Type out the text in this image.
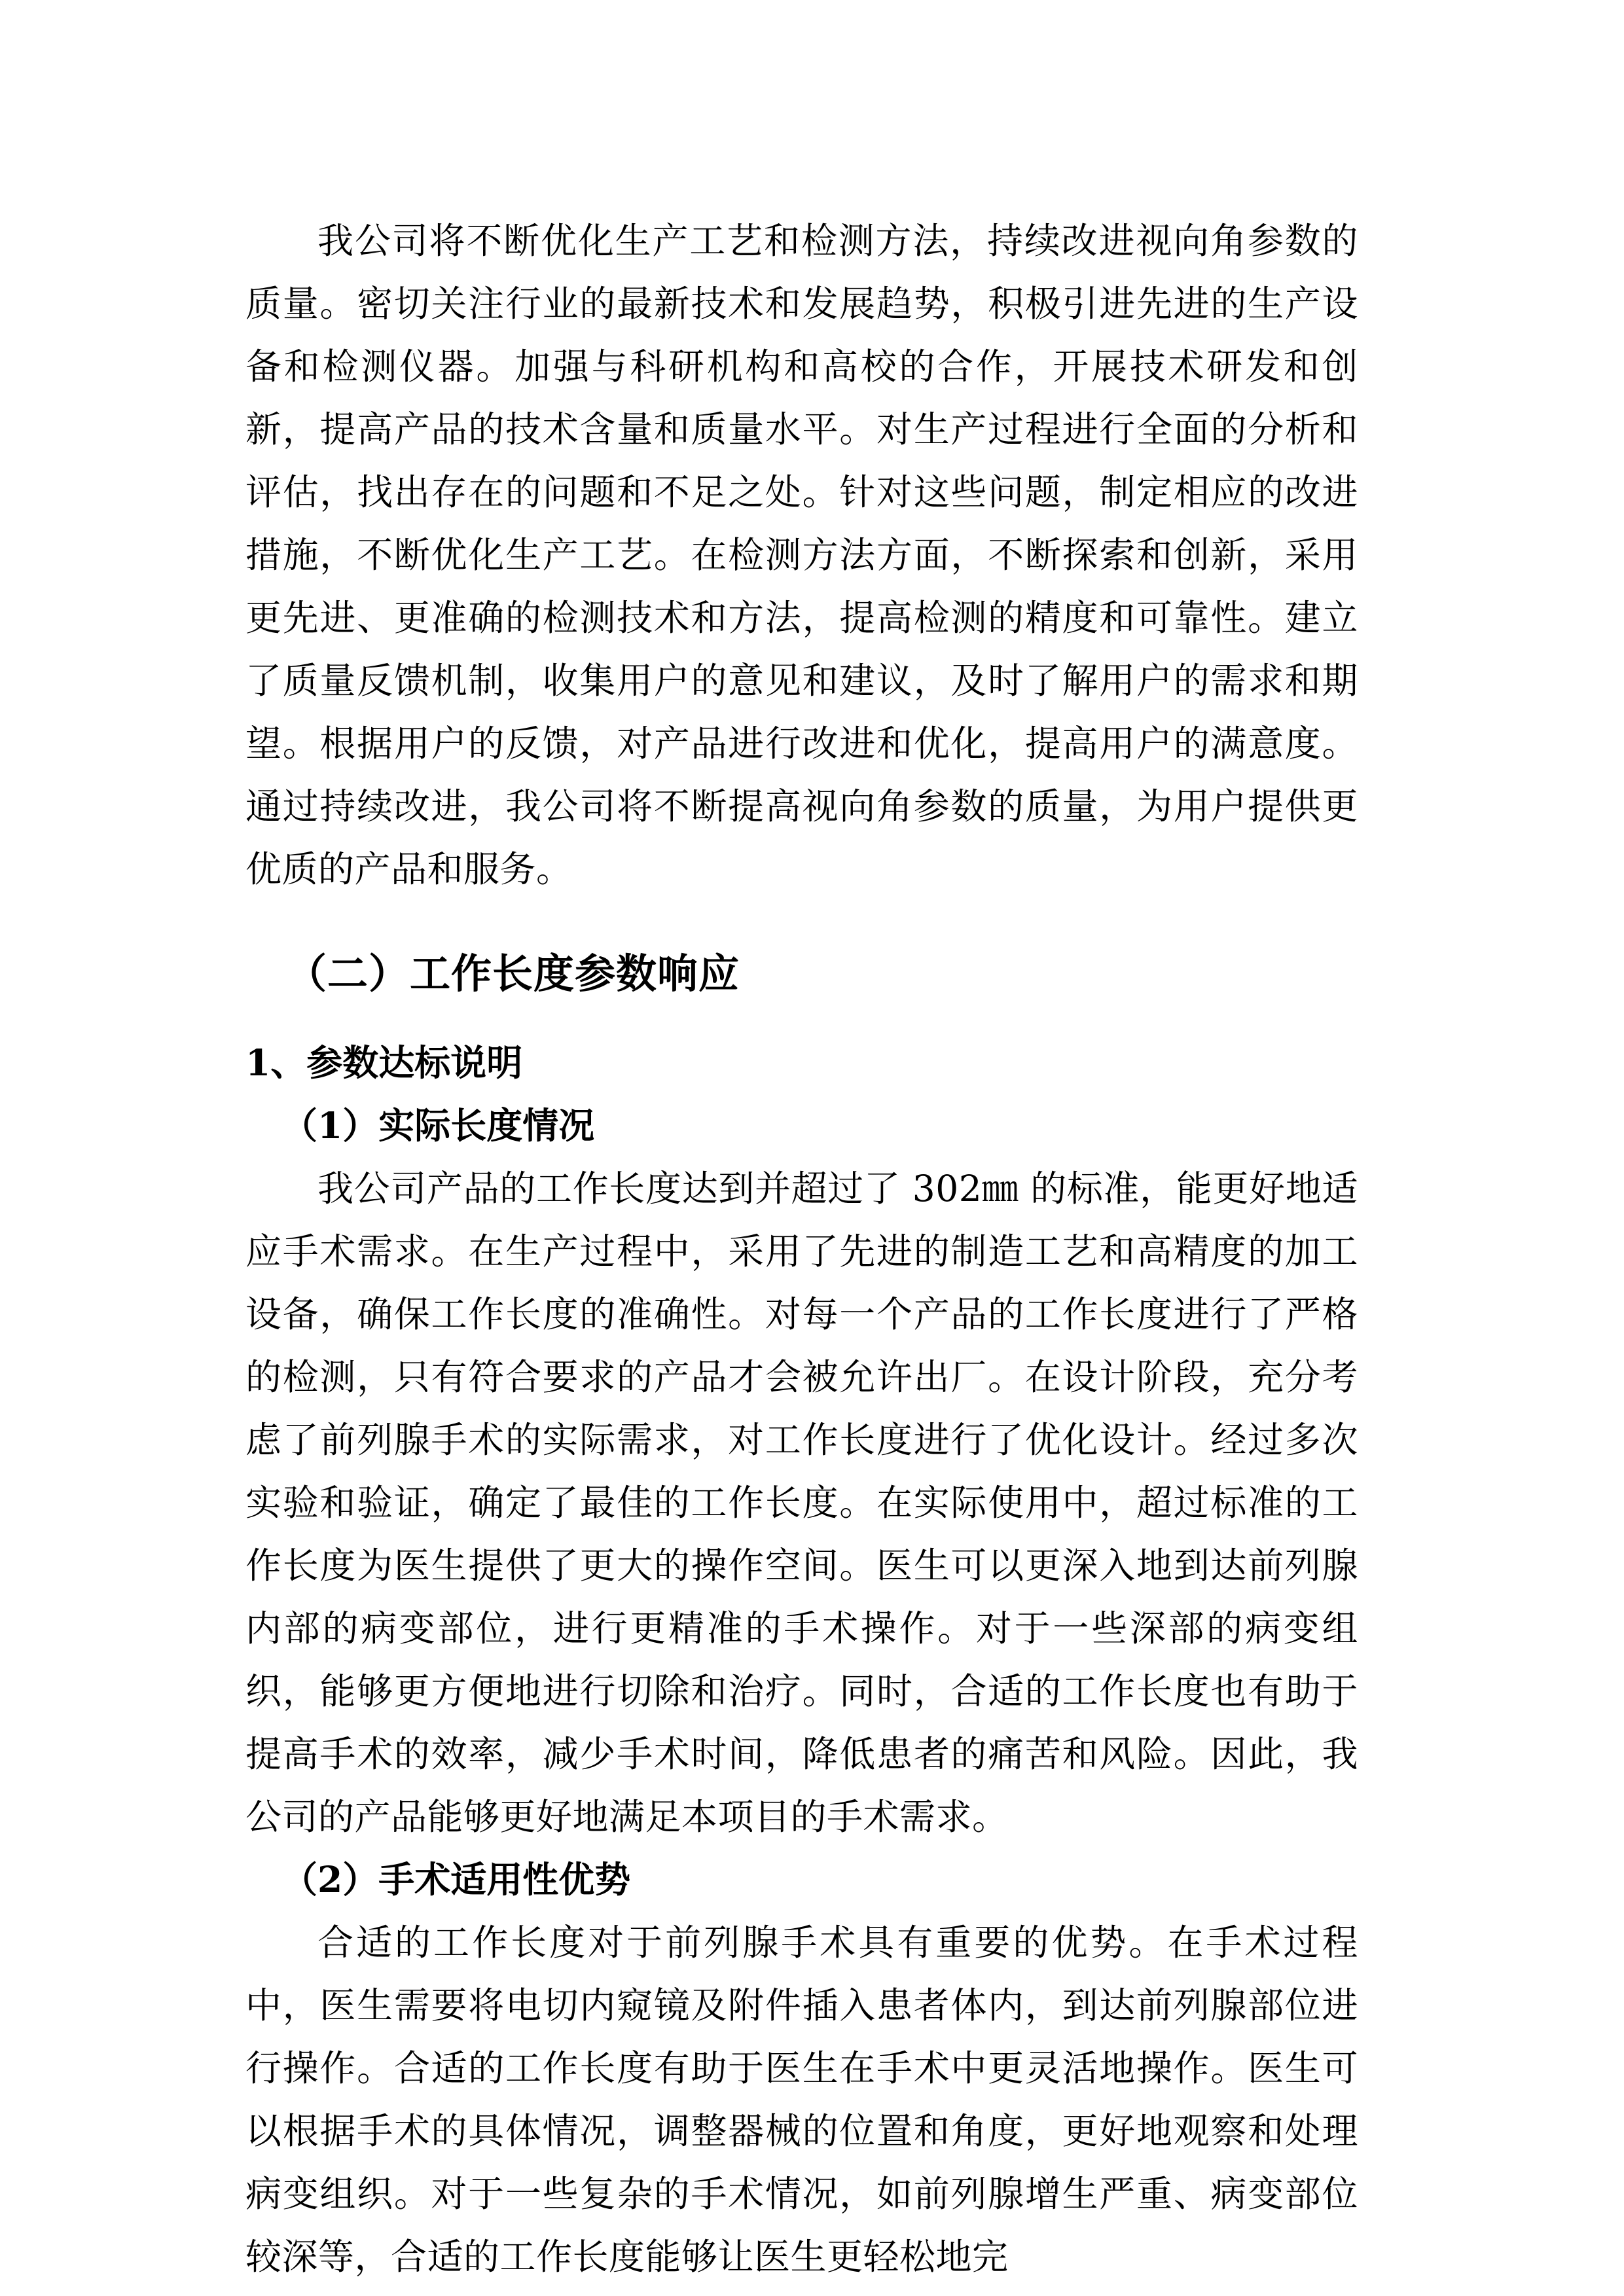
我公司将不断优化生产工艺和检测方法，持续改进视向角参数的质量。密切关注行业的最新技术和发展趋势，积极引进先进的生产设备和检测仪器。加强与科研机构和高校的合作，开展技术研发和创新，提高产品的技术含量和质量水平。对生产过程进行全面的分析和评估，找出存在的问题和不足之处。针对这些问题，制定相应的改进措施，不断优化生产工艺。在检测方法方面，不断探索和创新，采用更先进、更准确的检测技术和方法，提高检测的精度和可靠性。建立了质量反馈机制，收集用户的意见和建议，及时了解用户的需求和期望。根据用户的反馈，对产品进行改进和优化，提高用户的满意度。通过持续改进，我公司将不断提高视向角参数的质量，为用户提供更优质的产品和服务。

（二）工作长度参数响应
1、参数达标说明
（1）实际长度情况

我公司产品的工作长度达到并超过了 302㎜ 的标准，能更好地适应手术需求。在生产过程中，采用了先进的制造工艺和高精度的加工设备，确保工作长度的准确性。对每一个产品的工作长度进行了严格的检测，只有符合要求的产品才会被允许出厂。在设计阶段，充分考虑了前列腺手术的实际需求，对工作长度进行了优化设计。经过多次实验和验证，确定了最佳的工作长度。在实际使用中，超过标准的工作长度为医生提供了更大的操作空间。医生可以更深入地到达前列腺内部的病变部位，进行更精准的手术操作。对于一些深部的病变组织，能够更方便地进行切除和治疗。同时，合适的工作长度也有助于提高手术的效率，减少手术时间，降低患者的痛苦和风险。因此，我公司的产品能够更好地满足本项目的手术需求。

（2）手术适用性优势

合适的工作长度对于前列腺手术具有重要的优势。在手术过程中，医生需要将电切内窥镜及附件插入患者体内，到达前列腺部位进行操作。合适的工作长度有助于医生在手术中更灵活地操作。医生可以根据手术的具体情况，调整器械的位置和角度，更好地观察和处理病变组织。对于一些复杂的手术情况，如前列腺增生严重、病变部位较深等，合适的工作长度能够让医生更轻松地完
